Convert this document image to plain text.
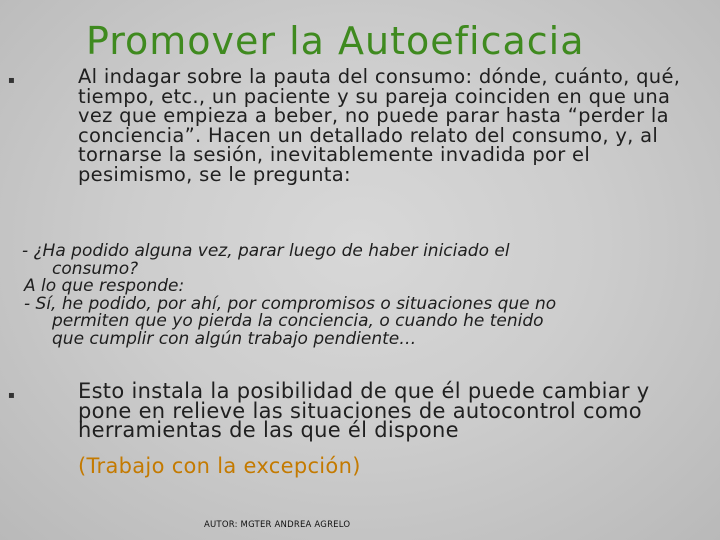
Promover la Autoeficacia
▪	Al indagar sobre la pauta del consumo: dónde, cuánto, qué, tiempo, etc., un paciente y su pareja coinciden en que una vez que empieza a beber, no puede parar hasta “perder la conciencia”. Hacen un detallado relato del consumo, y, al tornarse la sesión, inevitablemente invadida por el pesimismo, se le pregunta:

- ¿Ha podido alguna vez, parar luego de haber iniciado el
consumo?
A lo que responde:
- Sí, he podido, por ahí, por compromisos o situaciones que no
permiten que yo pierda la conciencia, o cuando he tenido
que cumplir con algún trabajo pendiente…
▪	Esto instala la posibilidad de que él puede cambiar y pone en relieve las situaciones de autocontrol como herramientas de las que él dispone
(Trabajo con la excepción)
AUTOR: MGTER ANDREA AGRELO
